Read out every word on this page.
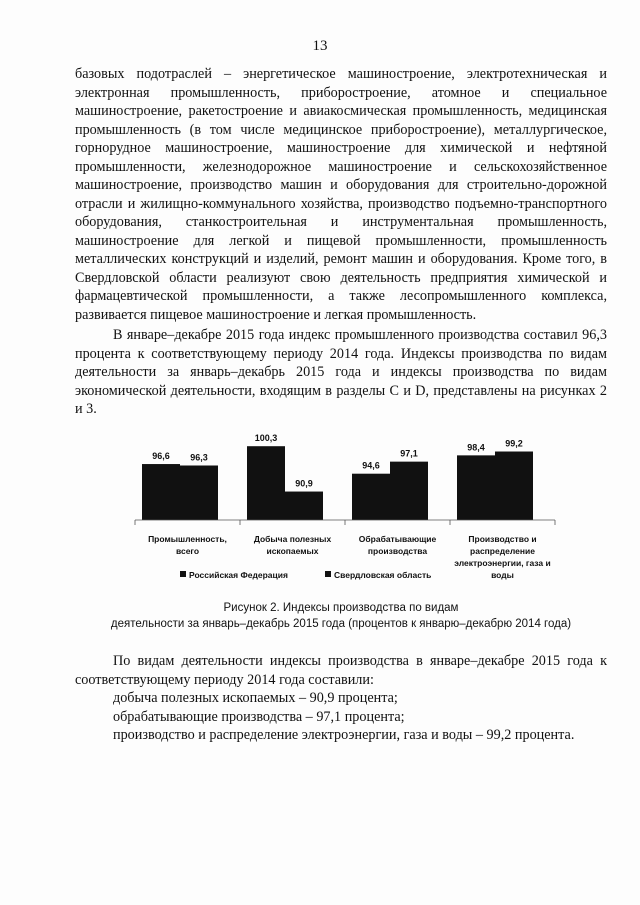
13

базовых подотраслей – энергетическое машиностроение, электротехническая и электронная промышленность, приборостроение, атомное и специальное машиностроение, ракетостроение и авиакосмическая промышленность, медицинская промышленность (в том числе медицинское приборостроение), металлургическое, горнорудное машиностроение, машиностроение для химической и нефтяной промышленности, железнодорожное машиностроение и сельскохозяйственное машиностроение, производство машин и оборудования для строительно-дорожной отрасли и жилищно-коммунального хозяйства, производство подъемно-транспортного оборудования, станкостроительная и инструментальная промышленность, машиностроение для легкой и пищевой промышленности, промышленность металлических конструкций и изделий, ремонт машин и оборудования. Кроме того, в Свердловской области реализуют свою деятельность предприятия химической и фармацевтической промышленности, а также лесопромышленного комплекса, развивается пищевое машиностроение и легкая промышленность.

В январе–декабре 2015 года индекс промышленного производства составил 96,3 процента к соответствующему периоду 2014 года. Индексы производства по видам деятельности за январь–декабрь 2015 года и индексы производства по видам экономической деятельности, входящим в разделы C и D, представлены на рисунках 2 и 3.

96,6 96,3
Промышленность,
всего
100,3
90,9
Добыча полезных
ископаемых
94,6
97,1
Обрабатывающие
производства
98,4 99,2
Производство и
распределение
электроэнергии, газа и
воды
Российская Федерация	Свердловская область
Рисунок 2. Индексы производства по видам
деятельности за январь–декабрь 2015 года (процентов к январю–декабрю 2014 года)

По видам деятельности индексы производства в январе–декабре 2015 года к соответствующему периоду 2014 года составили:

добыча полезных ископаемых – 90,9 процента;

обрабатывающие производства – 97,1 процента;

производство и распределение электроэнергии, газа и воды – 99,2 процента.
